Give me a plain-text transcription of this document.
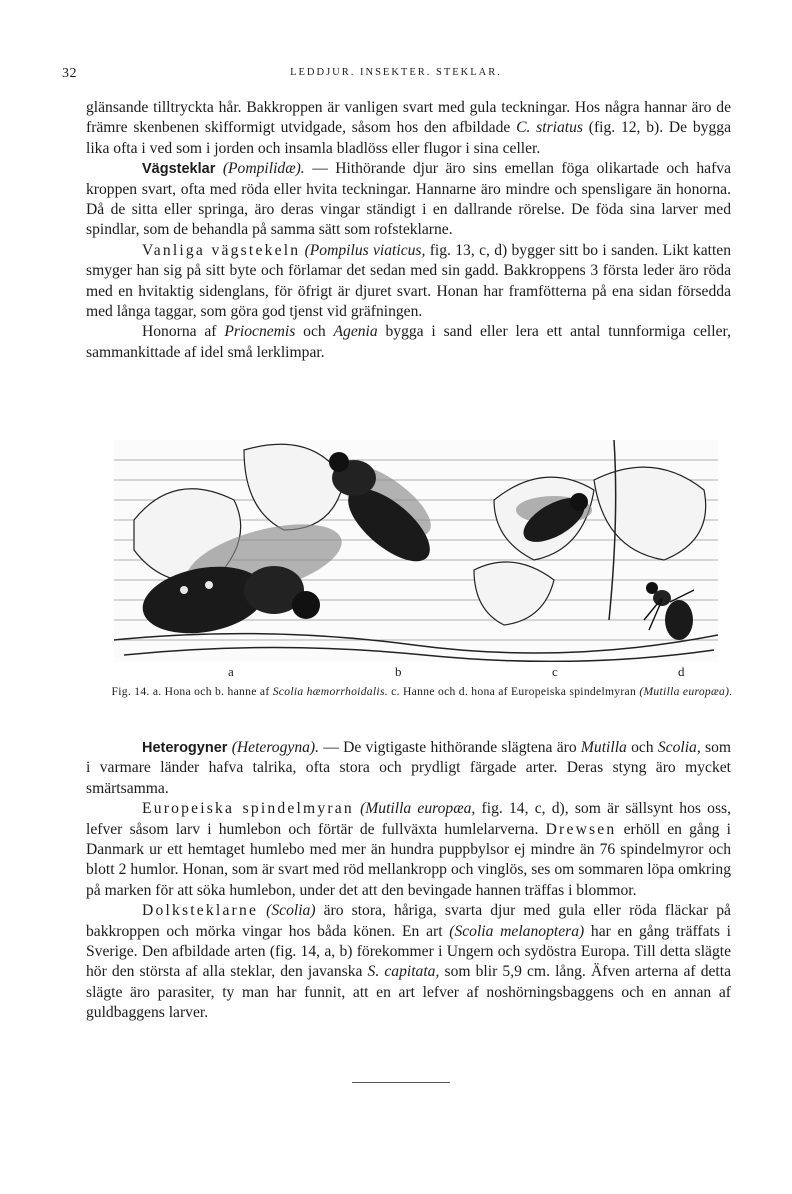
32	LEDDJUR. INSEKTER. STEKLAR.

glänsande tilltryckta hår. Bakkroppen är vanligen svart med gula teckningar. Hos några hannar äro de främre skenbenen skifformigt utvidgade, såsom hos den afbildade C. striatus (fig. 12, b). De bygga lika ofta i ved som i jorden och insamla bladlöss eller flugor i sina celler.

Vägsteklar (Pompilidæ). — Hithörande djur äro sins emellan föga olikartade och hafva kroppen svart, ofta med röda eller hvita teckningar. Hannarne äro mindre och spensligare än honorna. Då de sitta eller springa, äro deras vingar ständigt i en dallrande rörelse. De föda sina larver med spindlar, som de behandla på samma sätt som rofsteklarne.

Vanliga vägstekeln (Pompilus viaticus, fig. 13, c, d) bygger sitt bo i sanden. Likt katten smyger han sig på sitt byte och förlamar det sedan med sin gadd. Bakkroppens 3 första leder äro röda med en hvitaktig sidenglans, för öfrigt är djuret svart. Honan har framfötterna på ena sidan försedda med långa taggar, som göra god tjenst vid gräfningen.

Honorna af Priocnemis och Agenia bygga i sand eller lera ett antal tunnformiga celler, sammankittade af idel små lerklimpar.

a	b	c	d
Fig. 14. a. Hona och b. hanne af Scolia hæmorrhoidalis. c. Hanne och d. hona af Europeiska spindelmyran (Mutilla europæa).

Heterogyner (Heterogyna). — De vigtigaste hithörande slägtena äro Mutilla och Scolia, som i varmare länder hafva talrika, ofta stora och prydligt färgade arter. Deras styng äro mycket smärtsamma.

Europeiska spindelmyran (Mutilla europæa, fig. 14, c, d), som är sällsynt hos oss, lefver såsom larv i humlebon och förtär de fullväxta humlelarverna. Drewsen erhöll en gång i Danmark ur ett hemtaget humlebo med mer än hundra puppbylsor ej mindre än 76 spindelmyror och blott 2 humlor. Honan, som är svart med röd mellankropp och vinglös, ses om sommaren löpa omkring på marken för att söka humlebon, under det att den bevingade hannen träffas i blommor.

Dolksteklarne (Scolia) äro stora, håriga, svarta djur med gula eller röda fläckar på bakkroppen och mörka vingar hos båda könen. En art (Scolia melanoptera) har en gång träffats i Sverige. Den afbildade arten (fig. 14, a, b) förekommer i Ungern och sydöstra Europa. Till detta slägte hör den största af alla steklar, den javanska S. capitata, som blir 5,9 cm. lång. Äfven arterna af detta slägte äro parasiter, ty man har funnit, att en art lefver af noshörningsbaggens och en annan af guldbaggens larver.
